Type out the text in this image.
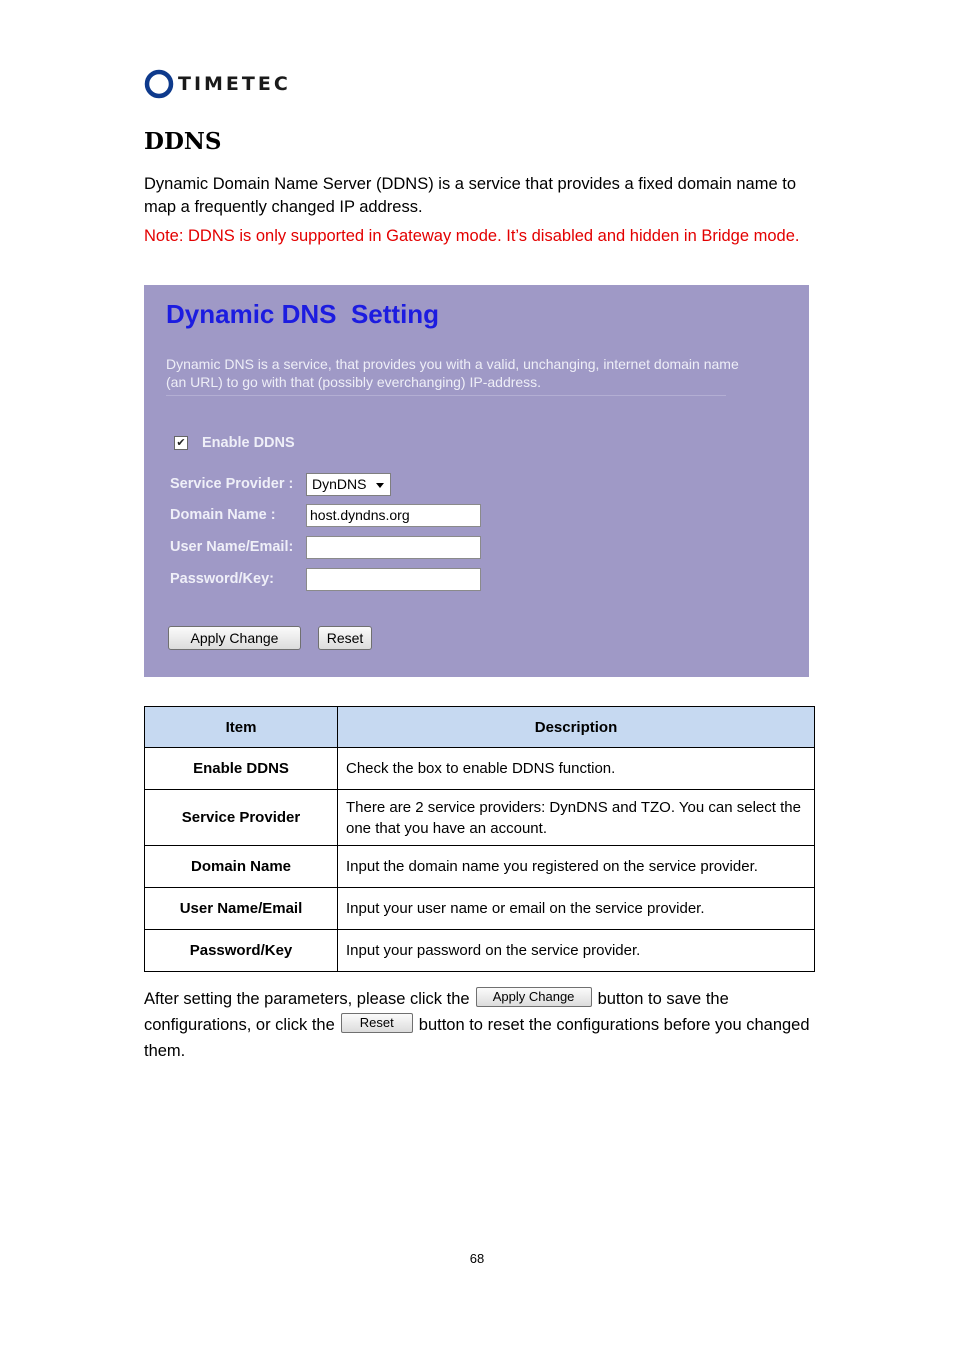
TIMETEC
DDNS

Dynamic Domain Name Server (DDNS) is a service that provides a fixed domain name to map a frequently changed IP address.

Note: DDNS is only supported in Gateway mode. It’s disabled and hidden in Bridge mode.

Dynamic DNS  Setting

Dynamic DNS is a service, that provides you with a valid, unchanging, internet domain name (an URL) to go with that (possibly everchanging) IP-address.

✔ Enable DDNS
Service Provider :	DynDNS
Domain Name : host.dyndns.org
User Name/Email:
Password/Key:
Apply Change	Reset
Item	Description
Enable DDNS	Check the box to enable DDNS function.
Service Provider	There are 2 service providers: DynDNS and TZO. You can select the one that you have an account.
Domain Name	Input the domain name you registered on the service provider.
User Name/Email	Input your user name or email on the service provider.
Password/Key	Input your password on the service provider.

After setting the parameters, please click the Apply Change button to save the configurations, or click the Reset button to reset the configurations before you changed them.

68
